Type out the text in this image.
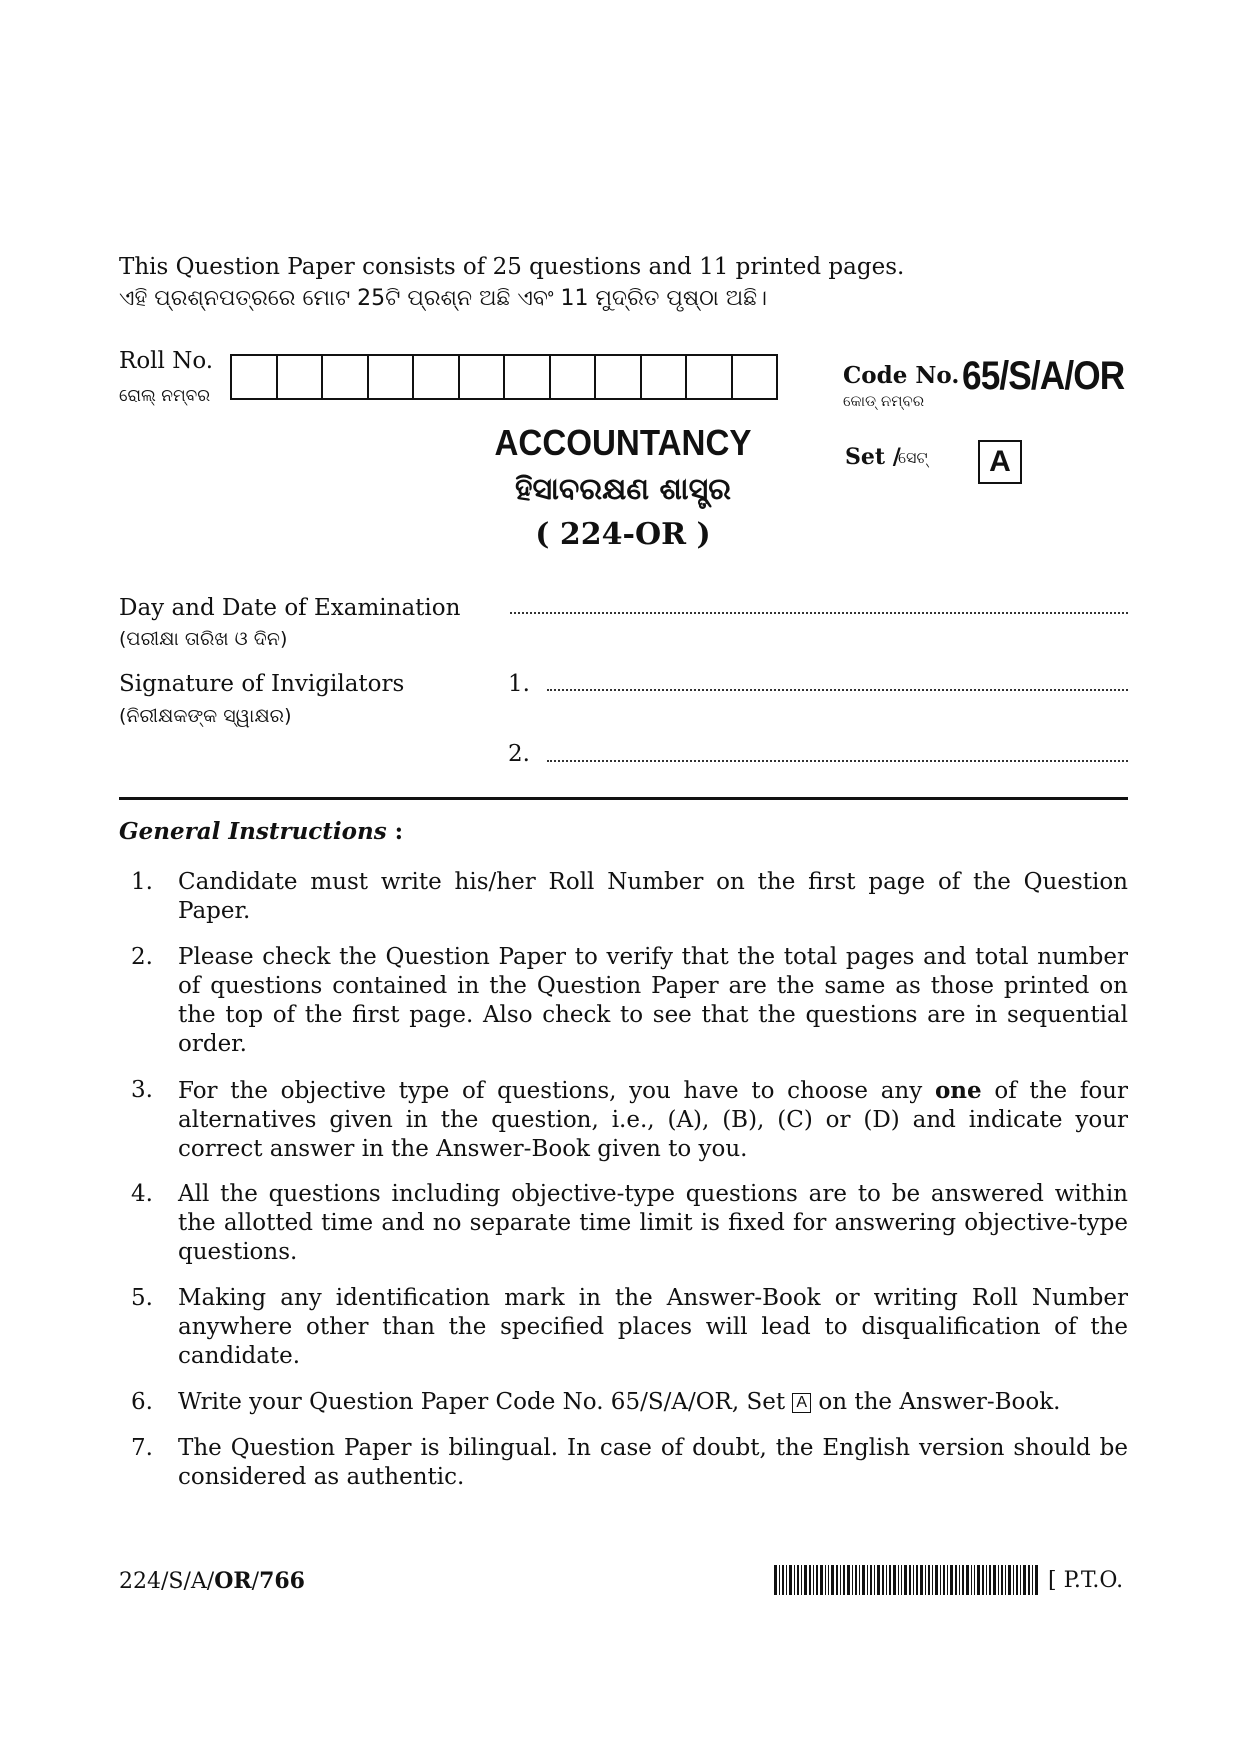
This Question Paper consists of 25 questions and 11 printed pages.
ଏହି ପ୍ରଶ୍ନପତ୍ରରେ ମୋଟ 25ଟି ପ୍ରଶ୍ନ ଅଛି ଏବଂ 11 ମୁଦ୍ରିତ ପୃଷ୍ଠା ଅଛି।
Roll No.
ରୋଲ୍ ନମ୍ବର
Code No.
କୋଡ୍ ନମ୍ବର
65/S/A/OR
Set /
ସେଟ୍	A
ACCOUNTANCY
ହିସାବରକ୍ଷଣ ଶାସ୍ତ୍ର
( 224-OR )
Day and Date of Examination
(ପରୀକ୍ଷା ତାରିଖ ଓ ଦିନ)
Signature of Invigilators
(ନିରୀକ୍ଷକଙ୍କ ସ୍ୱାକ୍ଷର)
1.
2.
General Instructions :
1. Candidate must write his/her Roll Number on the first page of the Question Paper.
2. Please check the Question Paper to verify that the total pages and total number of questions contained in the Question Paper are the same as those printed on the top of the first page. Also check to see that the questions are in sequential order.
3. For the objective type of questions, you have to choose any one of the four alternatives given in the question, i.e., (A), (B), (C) or (D) and indicate your correct answer in the Answer-Book given to you.
4. All the questions including objective-type questions are to be answered within the allotted time and no separate time limit is fixed for answering objective-type questions.
5. Making any identification mark in the Answer-Book or writing Roll Number anywhere other than the specified places will lead to disqualification of the candidate.
6. Write your Question Paper Code No. 65/S/A/OR, Set A on the Answer-Book.
7. The Question Paper is bilingual. In case of doubt, the English version should be considered as authentic.
224/S/A/OR/766	[ P.T.O.
